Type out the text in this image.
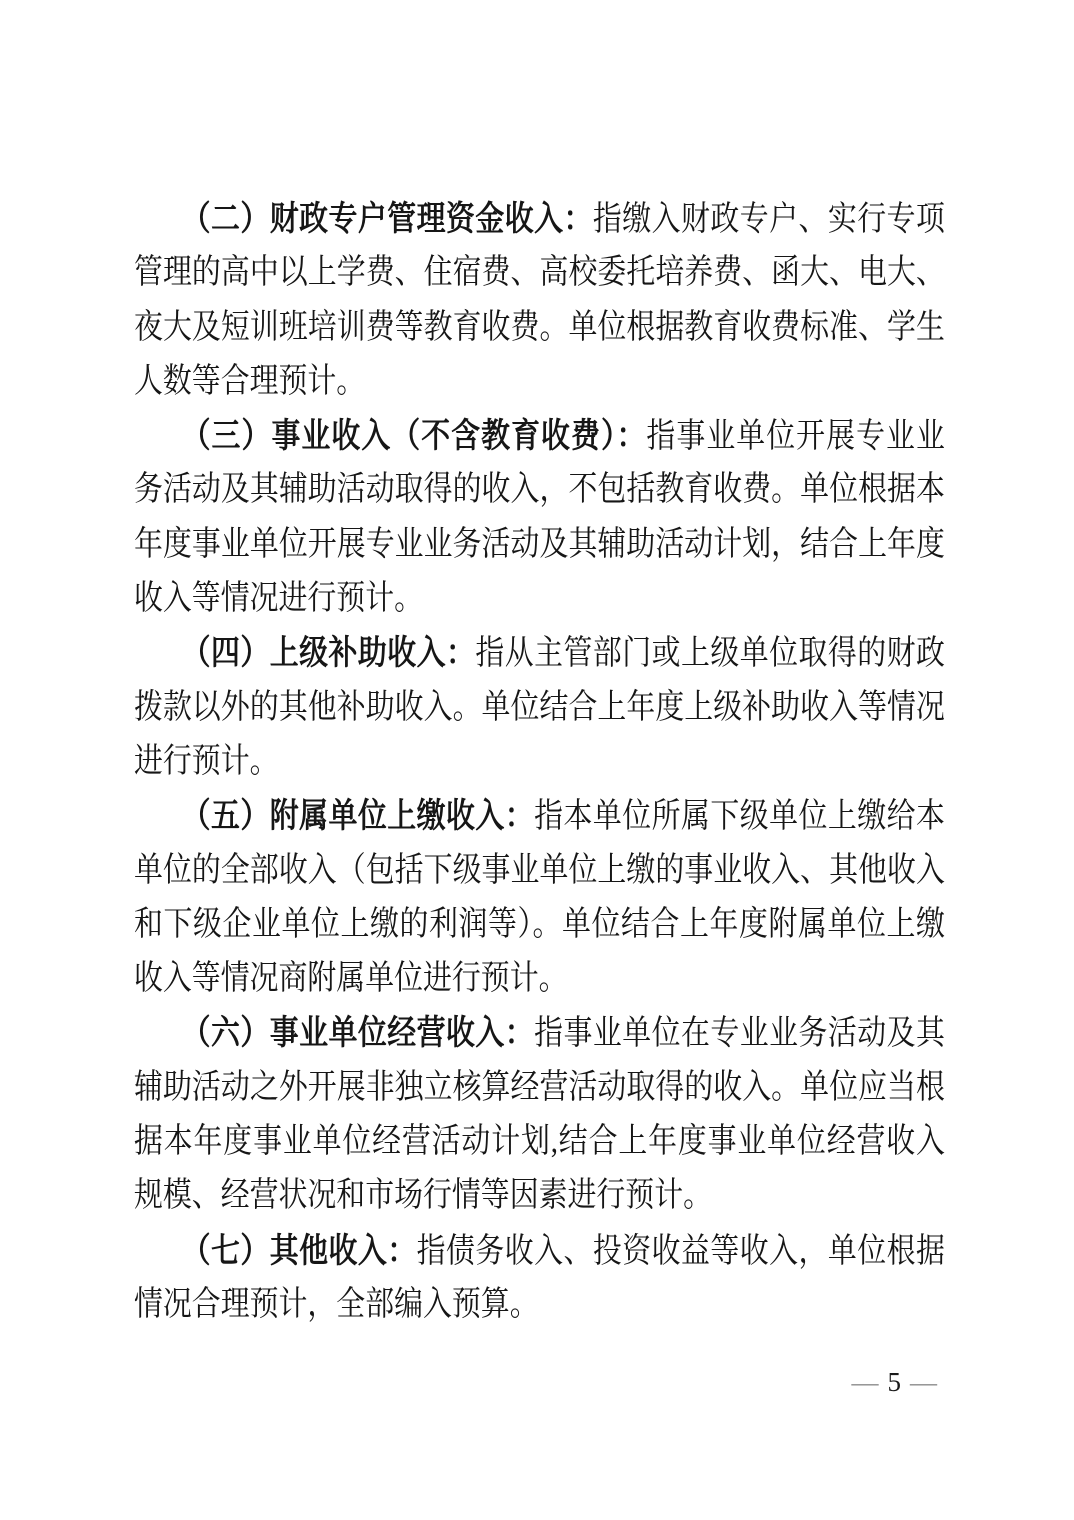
（二）财政专户管理资金收入：指缴入财政专户、实行专项
管理的高中以上学费、住宿费、高校委托培养费、函大、电大、
夜大及短训班培训费等教育收费。单位根据教育收费标准、学生
人数等合理预计。
（三）事业收入（不含教育收费）：指事业单位开展专业业
务活动及其辅助活动取得的收入，不包括教育收费。单位根据本
年度事业单位开展专业业务活动及其辅助活动计划，结合上年度
收入等情况进行预计。
（四）上级补助收入：指从主管部门或上级单位取得的财政
拨款以外的其他补助收入。单位结合上年度上级补助收入等情况
进行预计。
（五）附属单位上缴收入：指本单位所属下级单位上缴给本
单位的全部收入（包括下级事业单位上缴的事业收入、其他收入
和下级企业单位上缴的利润等）。单位结合上年度附属单位上缴
收入等情况商附属单位进行预计。
（六）事业单位经营收入：指事业单位在专业业务活动及其
辅助活动之外开展非独立核算经营活动取得的收入。单位应当根
据本年度事业单位经营活动计划,结合上年度事业单位经营收入
规模、经营状况和市场行情等因素进行预计。
（七）其他收入：指债务收入、投资收益等收入，单位根据
情况合理预计，全部编入预算。
— 5 —
